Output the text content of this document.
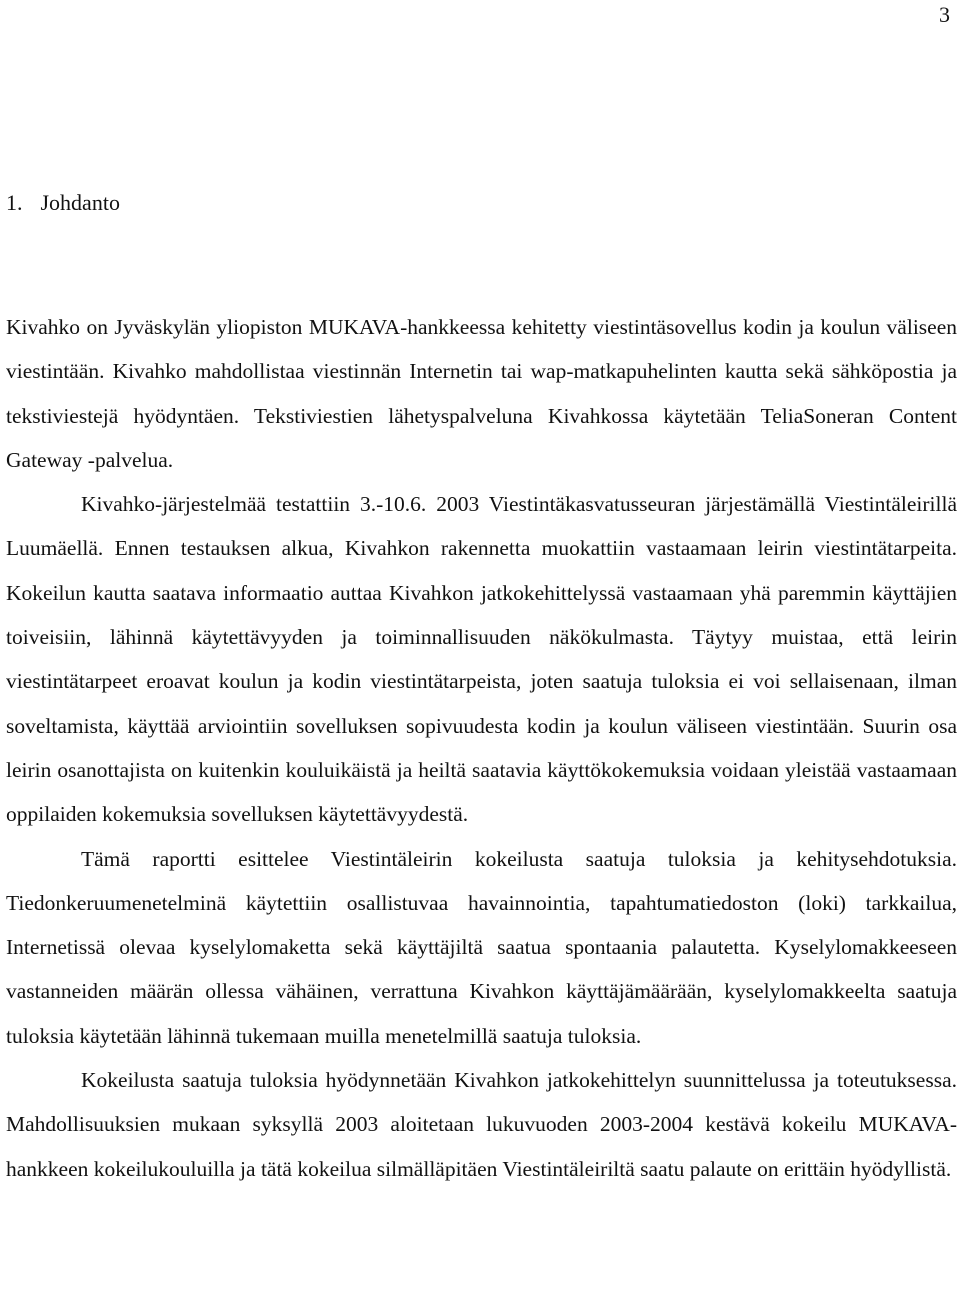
3
1. Johdanto

Kivahko on Jyväskylän yliopiston MUKAVA-hankkeessa kehitetty viestintäsovellus kodin ja koulun väliseen viestintään. Kivahko mahdollistaa viestinnän Internetin tai wap-matkapuhelinten kautta sekä sähköpostia ja tekstiviestejä hyödyntäen. Tekstiviestien lähetyspalveluna Kivahkossa käytetään TeliaSoneran Content Gateway -palvelua.

Kivahko-järjestelmää testattiin 3.-10.6. 2003 Viestintäkasvatusseuran järjestämällä Viestintäleirillä Luumäellä. Ennen testauksen alkua, Kivahkon rakennetta muokattiin vastaamaan leirin viestintätarpeita. Kokeilun kautta saatava informaatio auttaa Kivahkon jatkokehittelyssä vastaamaan yhä paremmin käyttäjien toiveisiin, lähinnä käytettävyyden ja toiminnallisuuden näkökulmasta. Täytyy muistaa, että leirin viestintätarpeet eroavat koulun ja kodin viestintätarpeista, joten saatuja tuloksia ei voi sellaisenaan, ilman soveltamista, käyttää arviointiin sovelluksen sopivuudesta kodin ja koulun väliseen viestintään. Suurin osa leirin osanottajista on kuitenkin kouluikäistä ja heiltä saatavia käyttökokemuksia voidaan yleistää vastaamaan oppilaiden kokemuksia sovelluksen käytettävyydestä.

Tämä raportti esittelee Viestintäleirin kokeilusta saatuja tuloksia ja kehitysehdotuksia. Tiedonkeruumenetelminä käytettiin osallistuvaa havainnointia, tapahtumatiedoston (loki) tarkkailua, Internetissä olevaa kyselylomaketta sekä käyttäjiltä saatua spontaania palautetta. Kyselylomakkeeseen vastanneiden määrän ollessa vähäinen, verrattuna Kivahkon käyttäjämäärään, kyselylomakkeelta saatuja tuloksia käytetään lähinnä tukemaan muilla menetelmillä saatuja tuloksia.

Kokeilusta saatuja tuloksia hyödynnetään Kivahkon jatkokehittelyn suunnittelussa ja toteutuksessa. Mahdollisuuksien mukaan syksyllä 2003 aloitetaan lukuvuoden 2003-2004 kestävä kokeilu MUKAVA-hankkeen kokeilukouluilla ja tätä kokeilua silmälläpitäen Viestintäleiriltä saatu palaute on erittäin hyödyllistä.
